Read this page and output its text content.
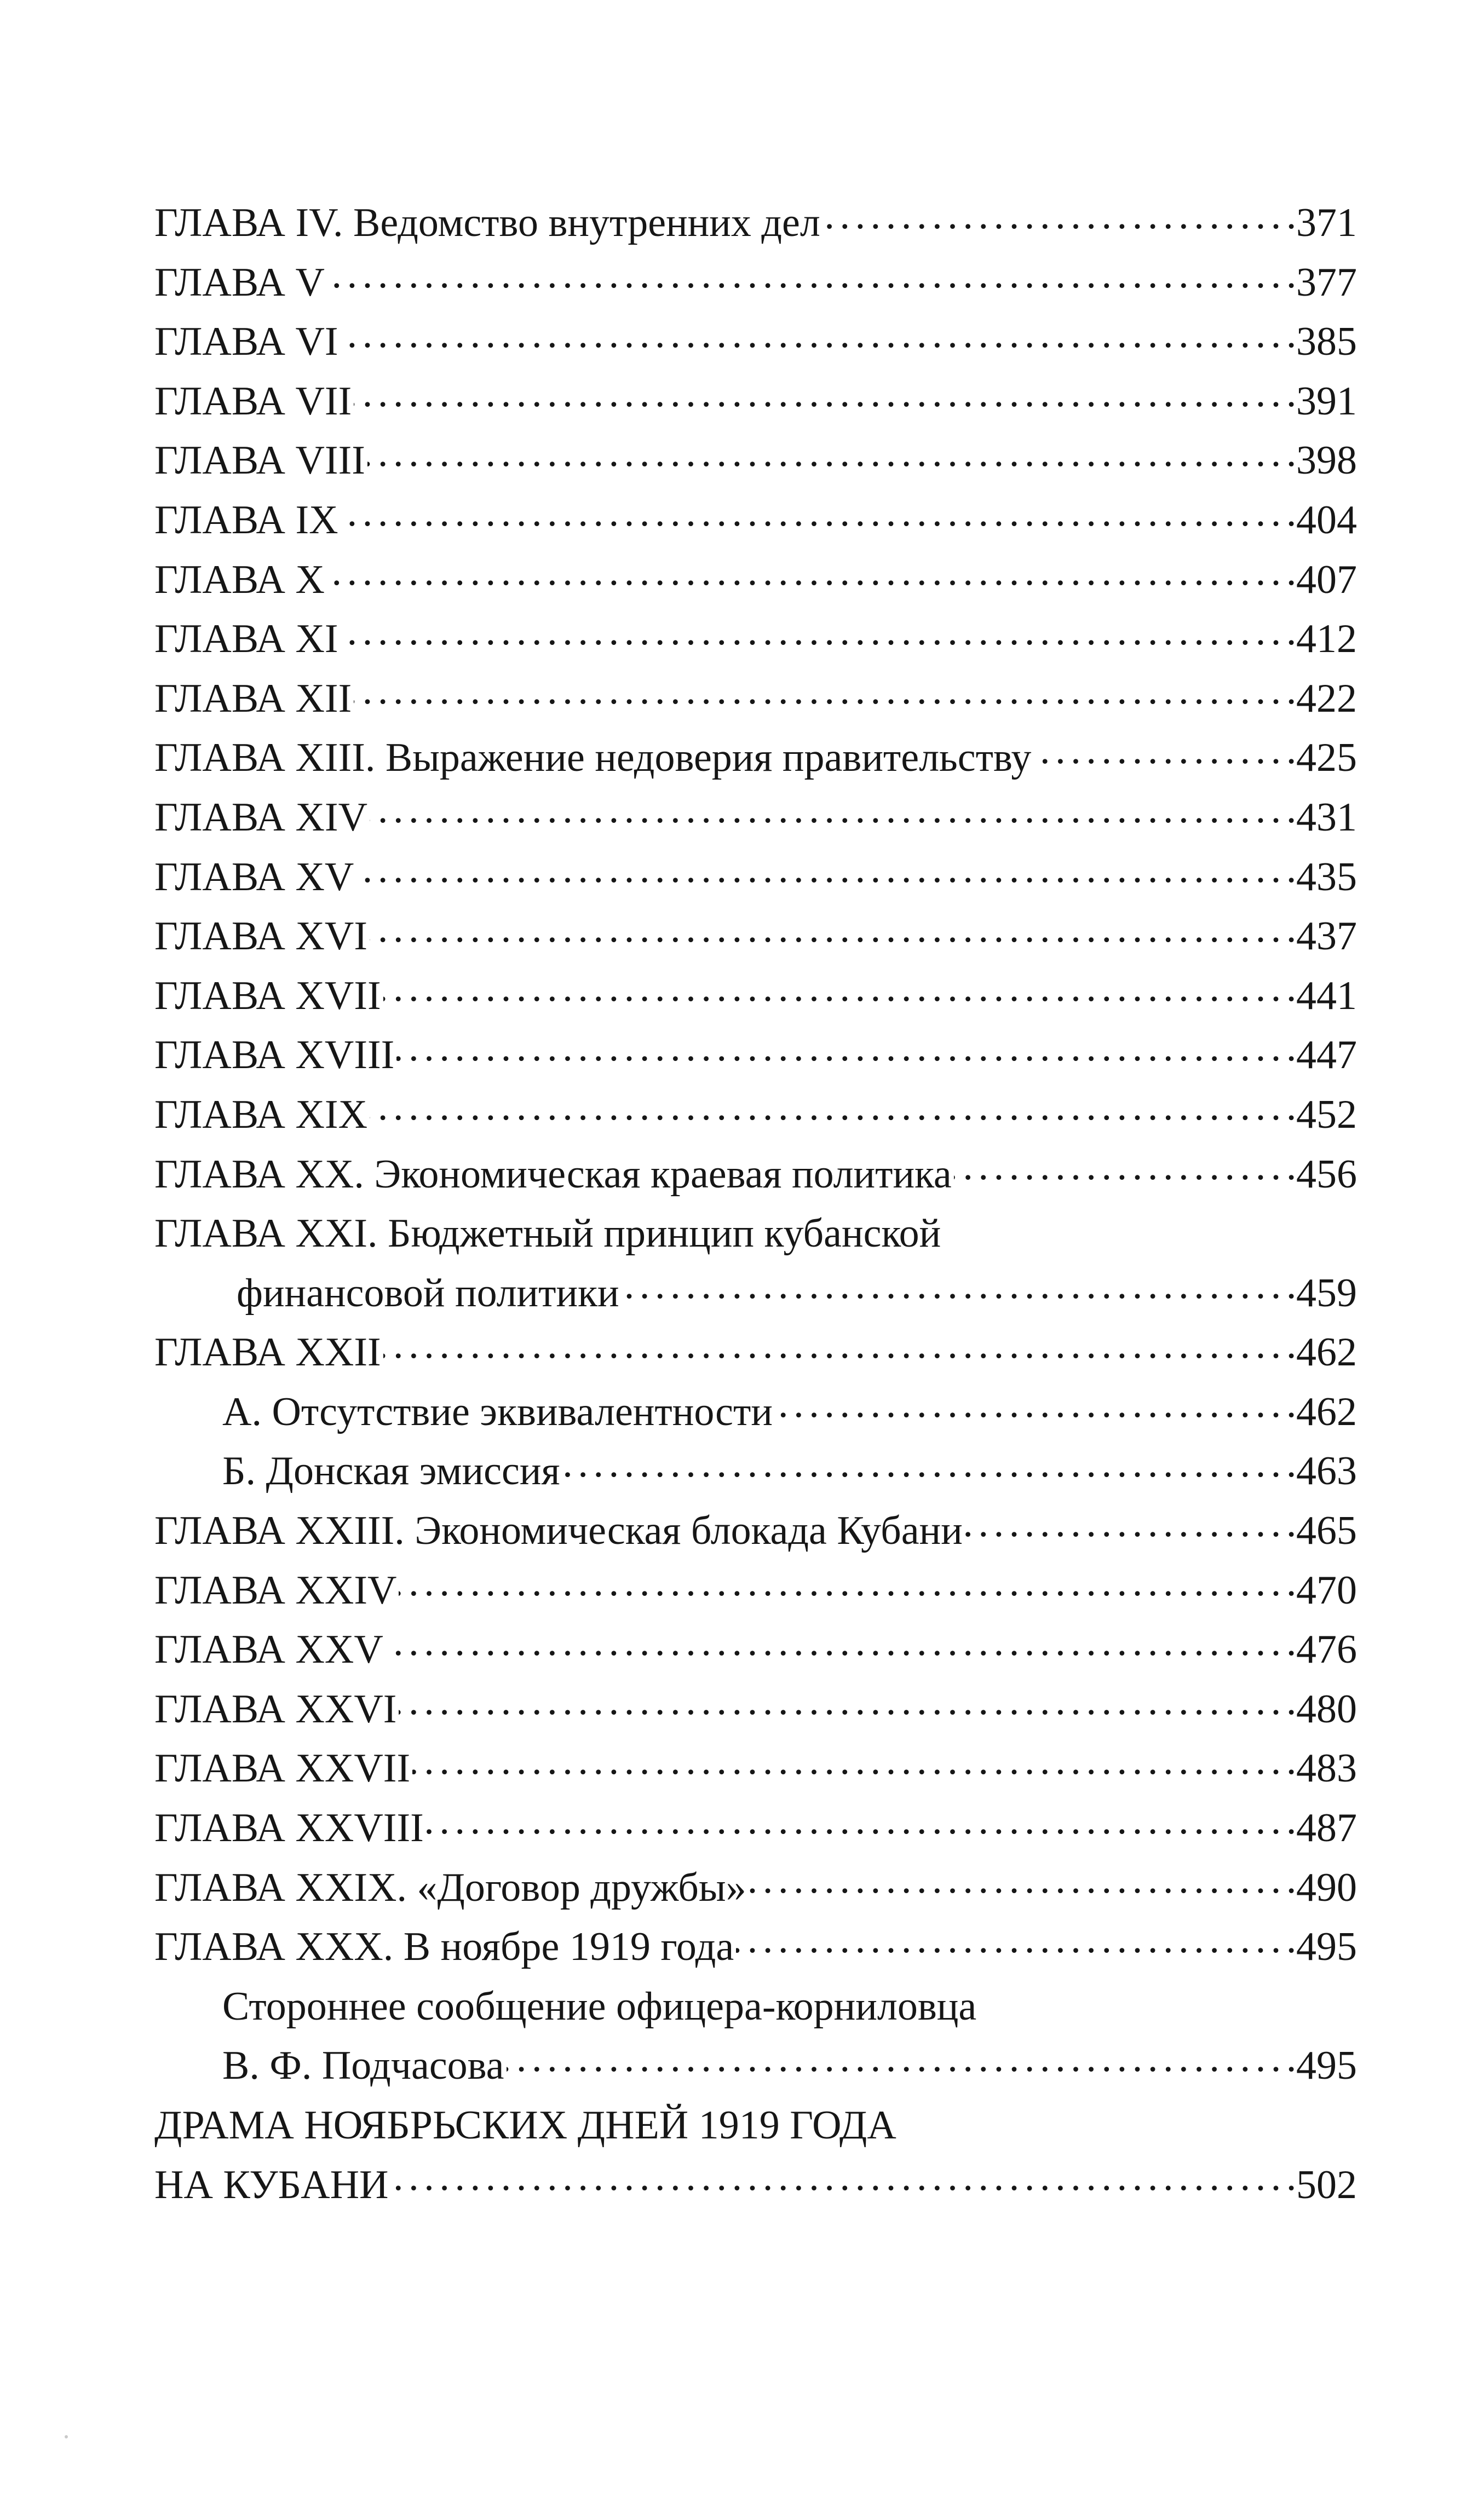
ГЛАВА IV. Ведомство внутренних дел . . .	371
ГЛАВА V . . .	377
ГЛАВА VI . . .	385
ГЛАВА VII . . .	391
ГЛАВА VIII . . .	398
ГЛАВА IX . . .	404
ГЛАВА X . . .	407
ГЛАВА XI . . .	412
ГЛАВА XII . . .	422
ГЛАВА XIII. Выражение недоверия правительству . . .	425
ГЛАВА XIV . . .	431
ГЛАВА XV . . .	435
ГЛАВА XVI . . .	437
ГЛАВА XVII . . .	441
ГЛАВА XVIII . . .	447
ГЛАВА XIX . . .	452
ГЛАВА XX. Экономическая краевая политика . . .	456
ГЛАВА XXI. Бюджетный принцип кубанской
финансовой политики . . .	459
ГЛАВА XXII . . .	462
А. Отсутствие эквивалентности . . .	462
Б. Донская эмиссия . . .	463
ГЛАВА XXIII. Экономическая блокада Кубани . . .	465
ГЛАВА XXIV . . .	470
ГЛАВА XXV . . .	476
ГЛАВА XXVI . . .	480
ГЛАВА XXVII . . .	483
ГЛАВА XXVIII . . .	487
ГЛАВА XXIX. «Договор дружбы» . . .	490
ГЛАВА XXX. В ноябре 1919 года . . .	495
Стороннее сообщение офицера-корниловца
В. Ф. Подчасова . . .	495
ДРАМА НОЯБРЬСКИХ ДНЕЙ 1919 ГОДА
НА КУБАНИ . . .	502
